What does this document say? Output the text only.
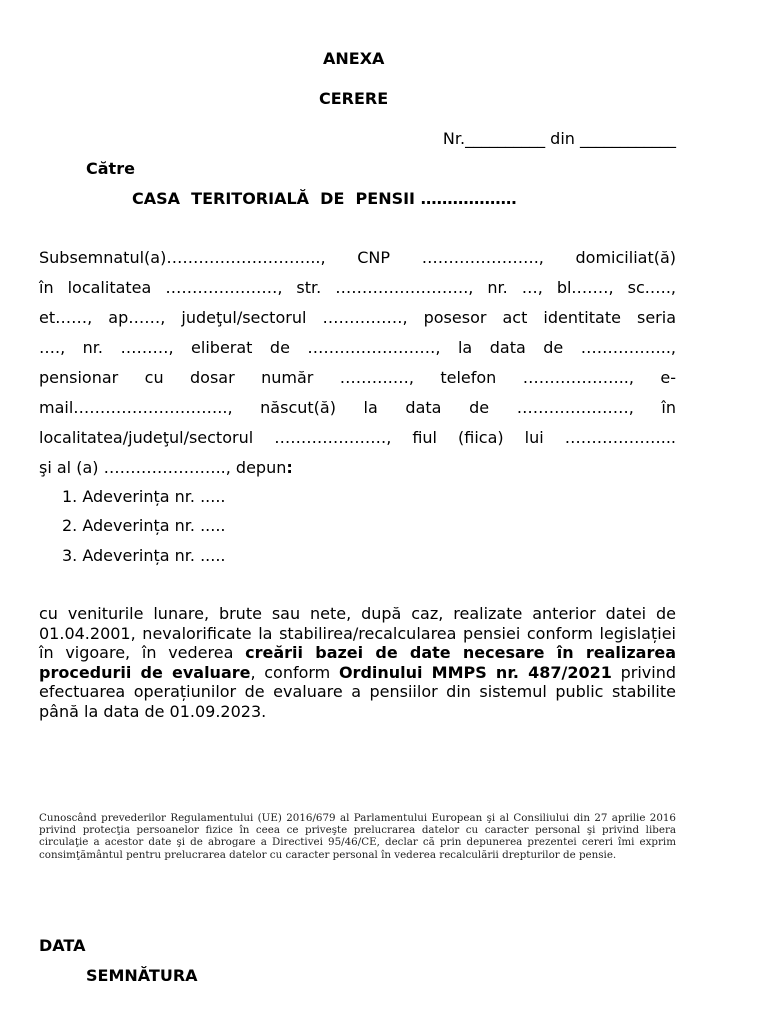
ANEXA
CERERE
Nr.__________ din ____________
Către
CASA  TERITORIALĂ  DE  PENSII ………………
Subsemnatul(a)……………………….., CNP …………………., domiciliat(ă)
în localitatea …………………, str. ……………………., nr. …, bl.……, sc.….,
et……, ap……, judeţul/sectorul ……………, posesor act identitate seria
…., nr. ………, eliberat de ……………………, la data de ……………..,
pensionar cu dosar număr ……….…, telefon ……………….., e-
mail……………………….., născut(ă) la data de …………………, în
localitatea/judeţul/sectorul …………………, fiul (fiica) lui ………………...
şi al (a) ………………….., depun:
1. Adeverința nr. .....
2. Adeverința nr. .....
3. Adeverința nr. .....
cu veniturile lunare, brute sau nete, după caz, realizate anterior datei de 01.04.2001, nevalorificate la stabilirea/recalcularea pensiei conform legislației în vigoare, în vederea creării bazei de date necesare în realizarea procedurii de evaluare, conform Ordinului MMPS nr. 487/2021 privind efectuarea operațiunilor de evaluare a pensiilor din sistemul public stabilite până la data de 01.09.2023.
Cunoscând prevederilor Regulamentului (UE) 2016/679 al Parlamentului European şi al Consiliului din 27 aprilie 2016 privind protecţia persoanelor fizice în ceea ce priveşte prelucrarea datelor cu caracter personal şi privind libera circulaţie a acestor date şi de abrogare a Directivei 95/46/CE, declar că prin depunerea prezentei cereri îmi exprim consimţământul pentru prelucrarea datelor cu caracter personal în vederea recalculării drepturilor de pensie.
DATA
SEMNĂTURA
